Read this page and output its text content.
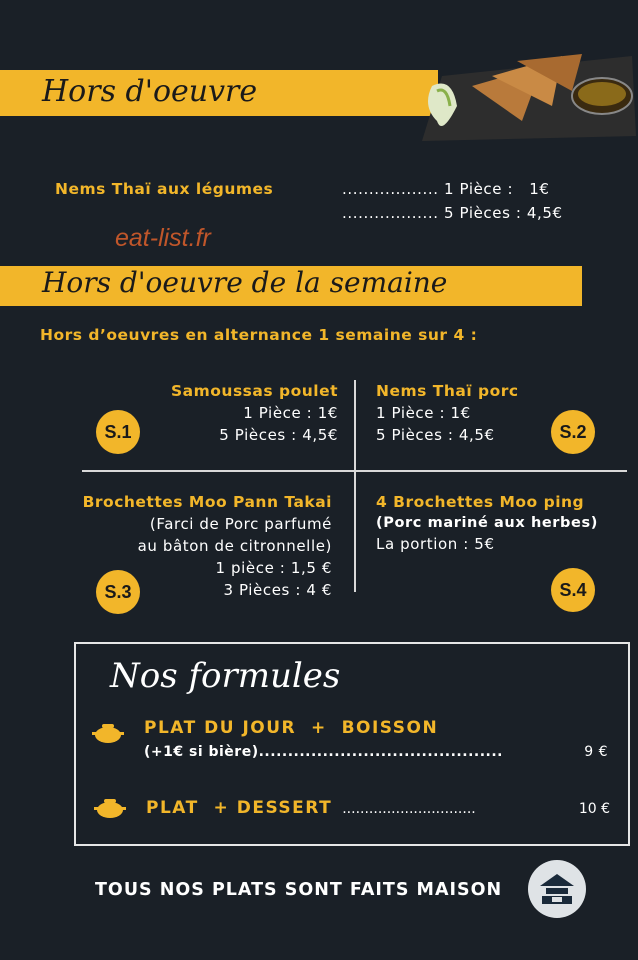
Hors d'oeuvre
Nems Thaï aux légumes	.................. 1 Pièce :   1€
.................. 5 Pièces : 4,5€
eat-list.fr
Hors d'oeuvre de la semaine
Hors d’oeuvres en alternance 1 semaine sur 4 :
Samoussas poulet
1 Pièce : 1€
5 Pièces : 4,5€
S.1
Nems Thaï porc
1 Pièce : 1€
5 Pièces : 4,5€	S.2
Brochettes Moo Pann Takai
(Farci de Porc parfumé
au bâton de citronnelle)
1 pièce : 1,5 €
3 Pièces : 4 €
S.3
4 Brochettes Moo ping
(Porc mariné aux herbes)
La portion : 5€
S.4
Nos formules
PLAT DU JOUR  +  BOISSON
(+1€ si bière) ..........................................	9 €
PLAT  + DESSERT ..............................	10 €
TOUS NOS PLATS SONT FAITS MAISON
